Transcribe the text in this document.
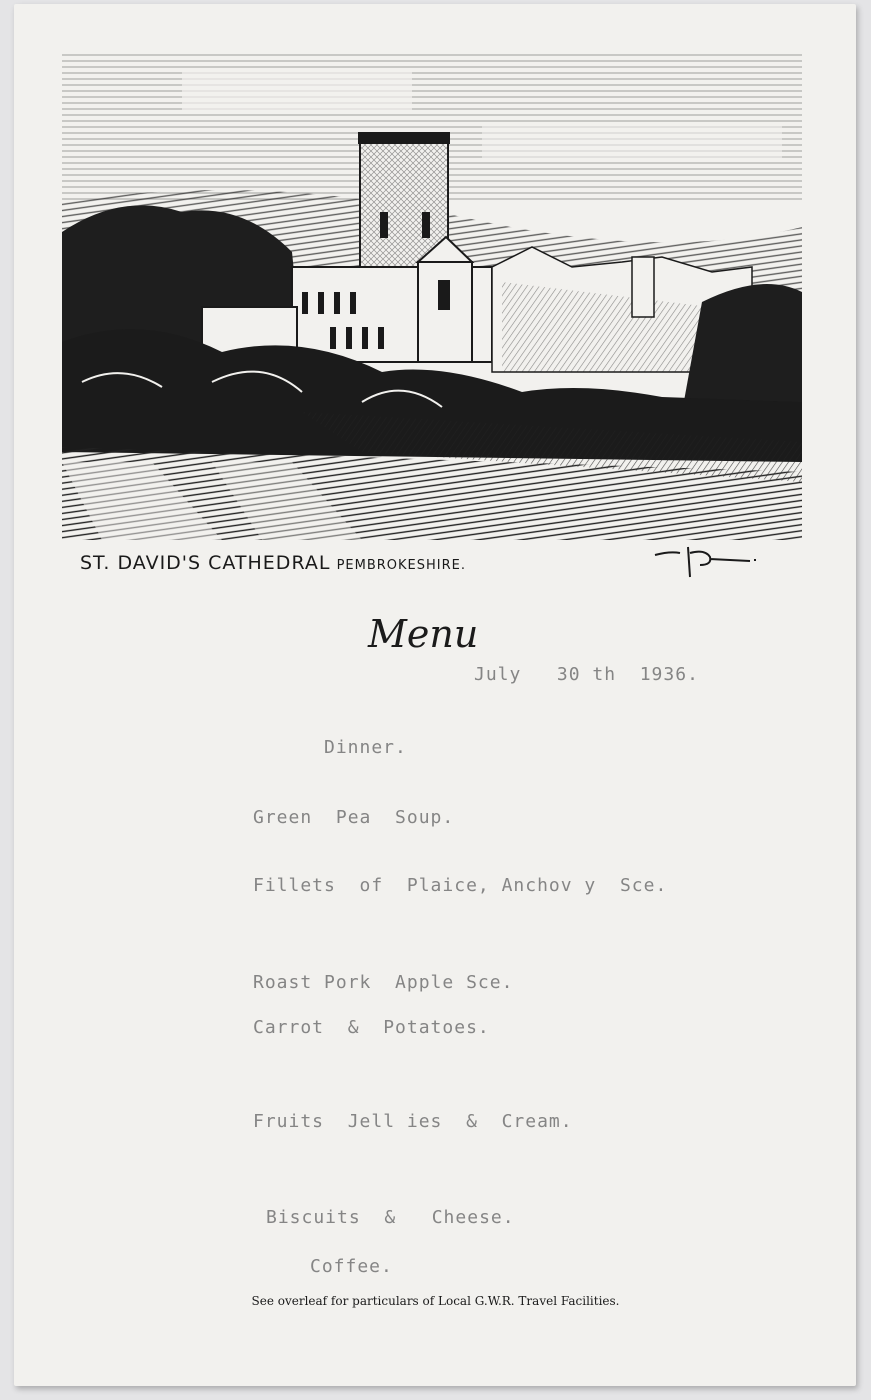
ST. DAVID'S CATHEDRAL PEMBROKESHIRE.
Menu
July   30 th  1936.
Dinner.
Green  Pea  Soup.
Fillets  of  Plaice, Anchov y  Sce.
Roast Pork  Apple Sce.
Carrot  &  Potatoes.
Fruits  Jell ies  &  Cream.
Biscuits  &   Cheese.
Coffee.
See overleaf for particulars of Local G.W.R. Travel Facilities.
